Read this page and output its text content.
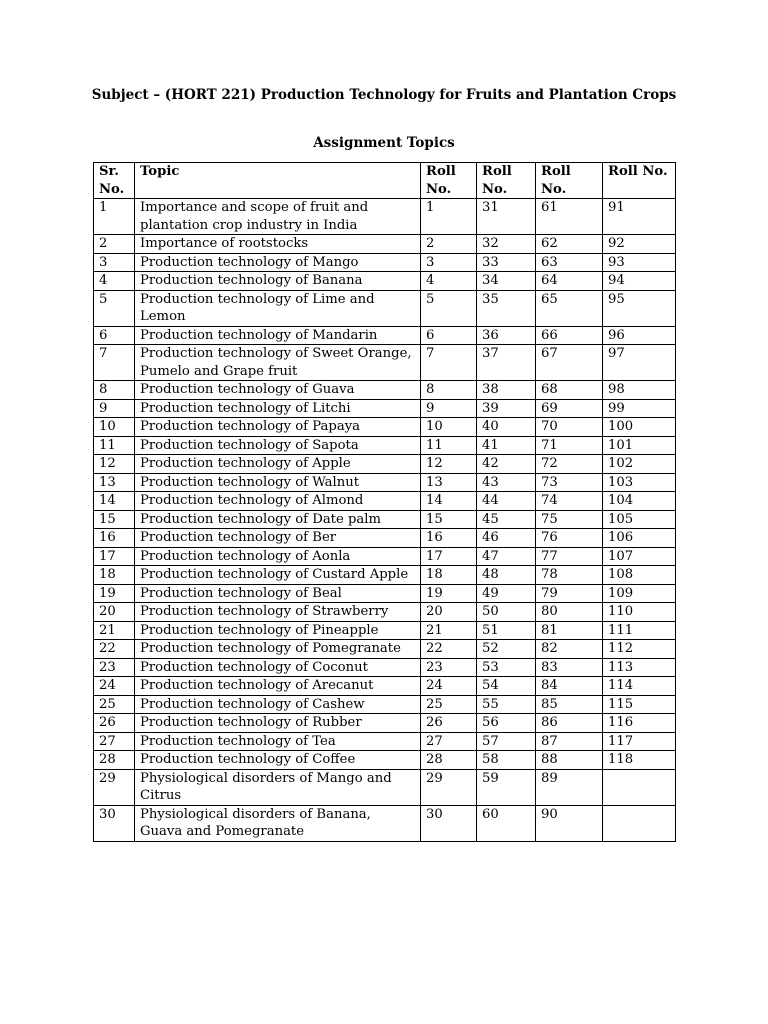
Subject – (HORT 221) Production Technology for Fruits and Plantation Crops
Assignment Topics
Sr. No.	Topic	Roll No.	Roll No.	Roll No.	Roll No.
1	Importance and scope of fruit and plantation crop industry in India	1	31	61	91
2	Importance of rootstocks	2	32	62	92
3	Production technology of Mango	3	33	63	93
4	Production technology of Banana	4	34	64	94
5	Production technology of Lime and Lemon	5	35	65	95
6	Production technology of Mandarin	6	36	66	96
7	Production technology of Sweet Orange, Pumelo and Grape fruit	7	37	67	97
8	Production technology of Guava	8	38	68	98
9	Production technology of Litchi	9	39	69	99
10	Production technology of Papaya	10	40	70	100
11	Production technology of Sapota	11	41	71	101
12	Production technology of Apple	12	42	72	102
13	Production technology of Walnut	13	43	73	103
14	Production technology of Almond	14	44	74	104
15	Production technology of Date palm	15	45	75	105
16	Production technology of Ber	16	46	76	106
17	Production technology of Aonla	17	47	77	107
18	Production technology of Custard Apple	18	48	78	108
19	Production technology of Beal	19	49	79	109
20	Production technology of Strawberry	20	50	80	110
21	Production technology of Pineapple	21	51	81	111
22	Production technology of Pomegranate	22	52	82	112
23	Production technology of Coconut	23	53	83	113
24	Production technology of Arecanut	24	54	84	114
25	Production technology of Cashew	25	55	85	115
26	Production technology of Rubber	26	56	86	116
27	Production technology of Tea	27	57	87	117
28	Production technology of Coffee	28	58	88	118
29	Physiological disorders of Mango and Citrus	29	59	89	
30	Physiological disorders of Banana, Guava and Pomegranate	30	60	90	
